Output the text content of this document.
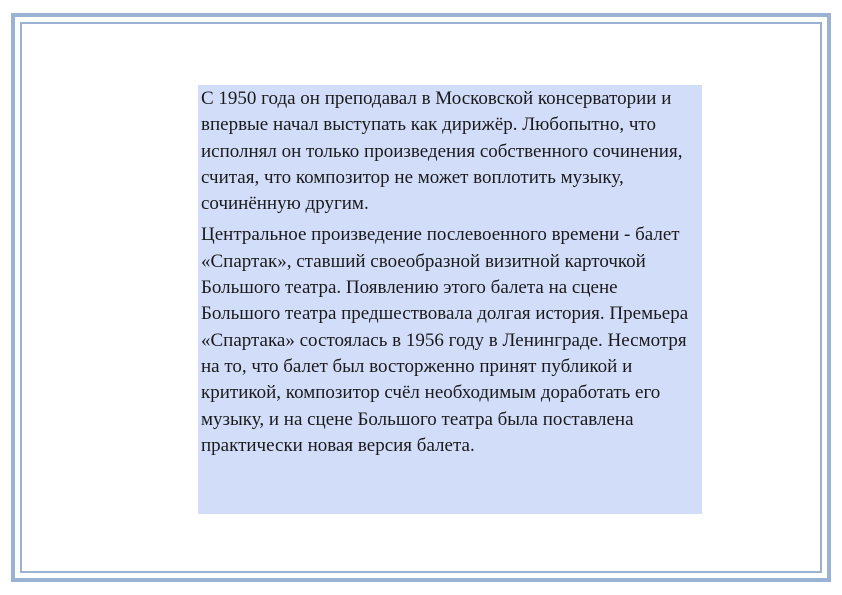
С 1950 года он преподавал в Московской консерватории и впервые начал выступать как дирижёр. Любопытно, что исполнял он только произведения собственного сочинения, считая, что композитор не может воплотить музыку, сочинённую другим.

Центральное произведение послевоенного времени - балет «Спартак», ставший своеобразной визитной карточкой Большого театра. Появлению этого балета на сцене Большого театра предшествовала долгая история. Премьера «Спартака» состоялась в 1956 году в Ленинграде. Несмотря на то, что балет был восторженно принят публикой и критикой, композитор счёл необходимым доработать его музыку, и на сцене Большого театра была поставлена практически новая версия балета.
